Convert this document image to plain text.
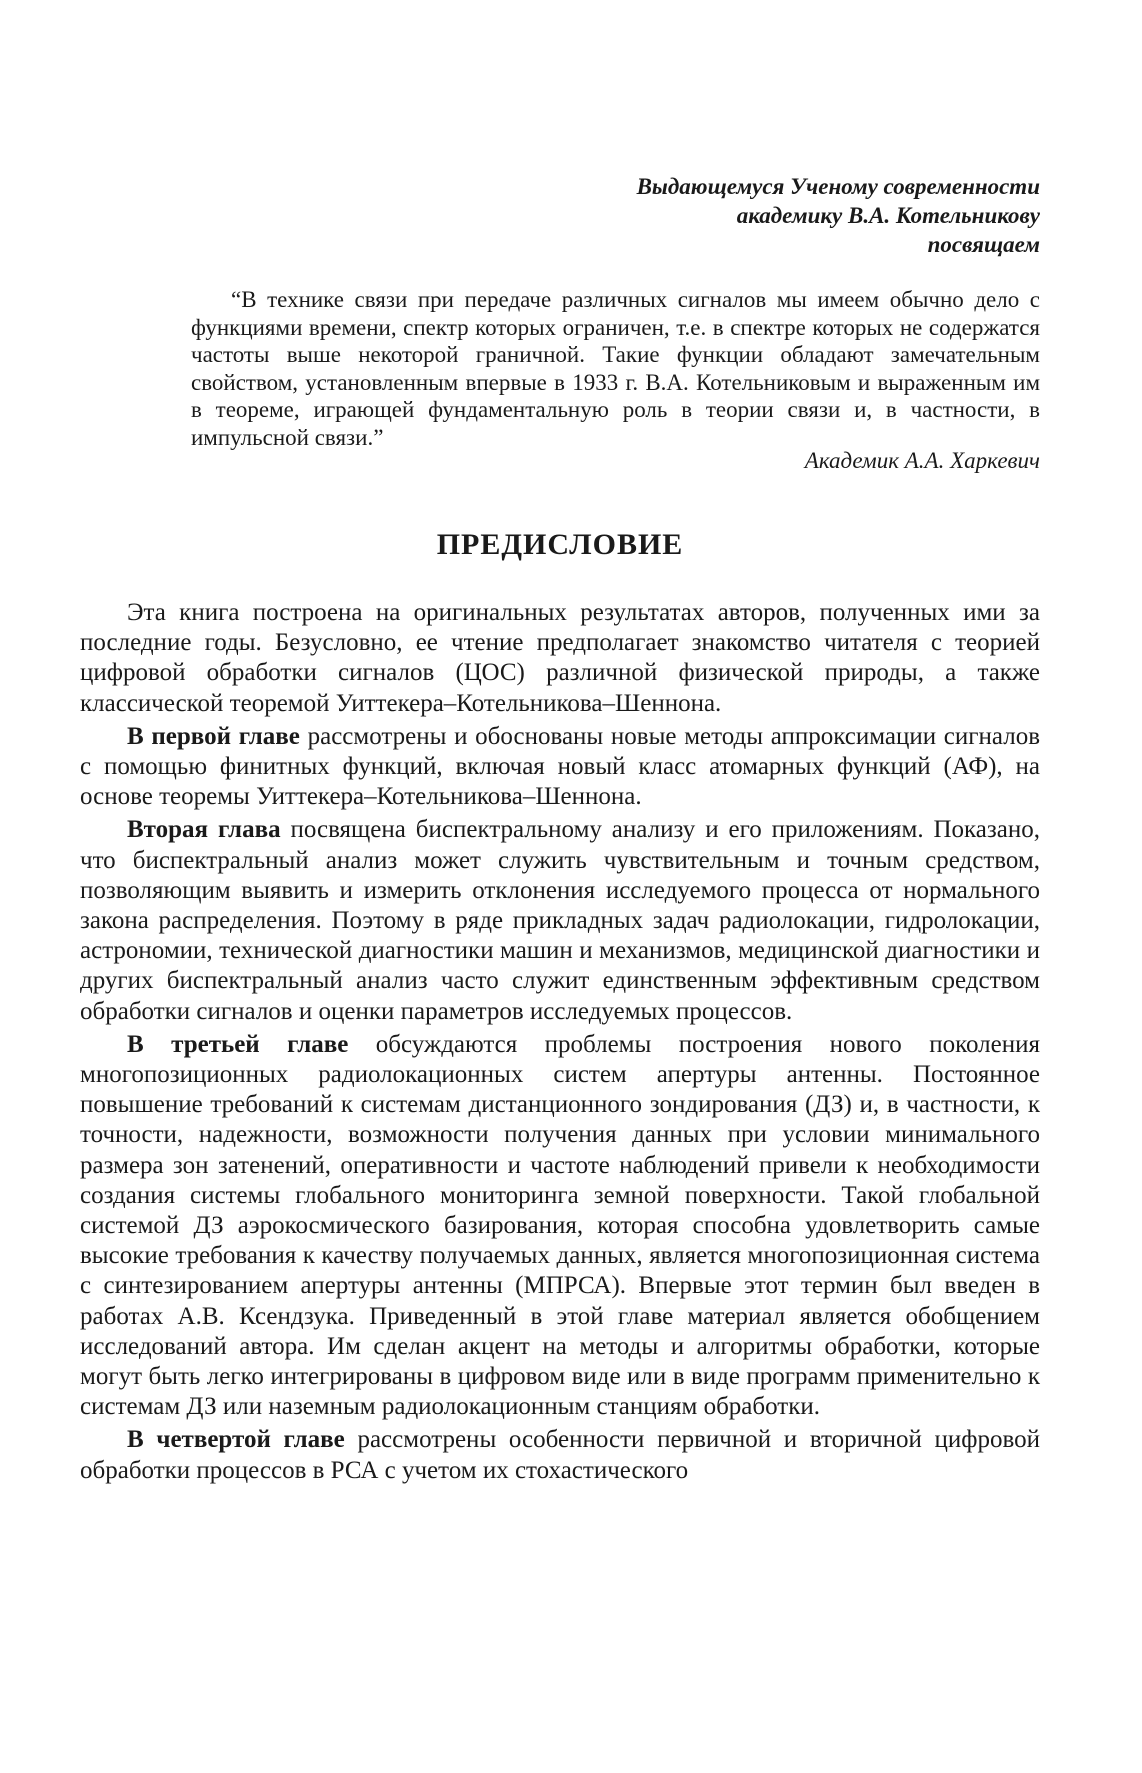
Выдающемуся Ученому современности
академику В.А. Котельникову
посвящаем

“В технике связи при передаче различных сигналов мы имеем обычно дело с функциями времени, спектр которых ограничен, т.е. в спектре которых не содержатся частоты выше некоторой граничной. Такие функции обладают замечательным свойством, установленным впервые в 1933 г. В.А. Котельниковым и выраженным им в теореме, играющей фундаментальную роль в теории связи и, в частности, в импульсной связи.”

Академик А.А. Харкевич
ПРЕДИСЛОВИЕ

Эта книга построена на оригинальных результатах авторов, полученных ими за последние годы. Безусловно, ее чтение предполагает знакомство читателя с теорией цифровой обработки сигналов (ЦОС) различной физической природы, а также классической теоремой Уиттекера–Котельникова–Шеннона.

В первой главе рассмотрены и обоснованы новые методы аппроксимации сигналов с помощью финитных функций, включая новый класс атомарных функций (АФ), на основе теоремы Уиттекера–Котельникова–Шеннона.

Вторая глава посвящена биспектральному анализу и его приложениям. Показано, что биспектральный анализ может служить чувствительным и точным средством, позволяющим выявить и измерить отклонения исследуемого процесса от нормального закона распределения. Поэтому в ряде прикладных задач радиолокации, гидролокации, астрономии, технической диагностики машин и механизмов, медицинской диагностики и других биспектральный анализ часто служит единственным эффективным средством обработки сигналов и оценки параметров исследуемых процессов.

В третьей главе обсуждаются проблемы построения нового поколения многопозиционных радиолокационных систем апертуры антенны. Постоянное повышение требований к системам дистанционного зондирования (ДЗ) и, в частности, к точности, надежности, возможности получения данных при условии минимального размера зон затенений, оперативности и частоте наблюдений привели к необходимости создания системы глобального мониторинга земной поверхности. Такой глобальной системой ДЗ аэрокосмического базирования, которая способна удовлетворить самые высокие требования к качеству получаемых данных, является многопозиционная система с синтезированием апертуры антенны (МПРСА). Впервые этот термин был введен в работах А.В. Ксендзука. Приведенный в этой главе материал является обобщением исследований автора. Им сделан акцент на методы и алгоритмы обработки, которые могут быть легко интегрированы в цифровом виде или в виде программ применительно к системам ДЗ или наземным радиолокационным станциям обработки.

В четвертой главе рассмотрены особенности первичной и вторичной цифровой обработки процессов в РСА с учетом их стохастического
